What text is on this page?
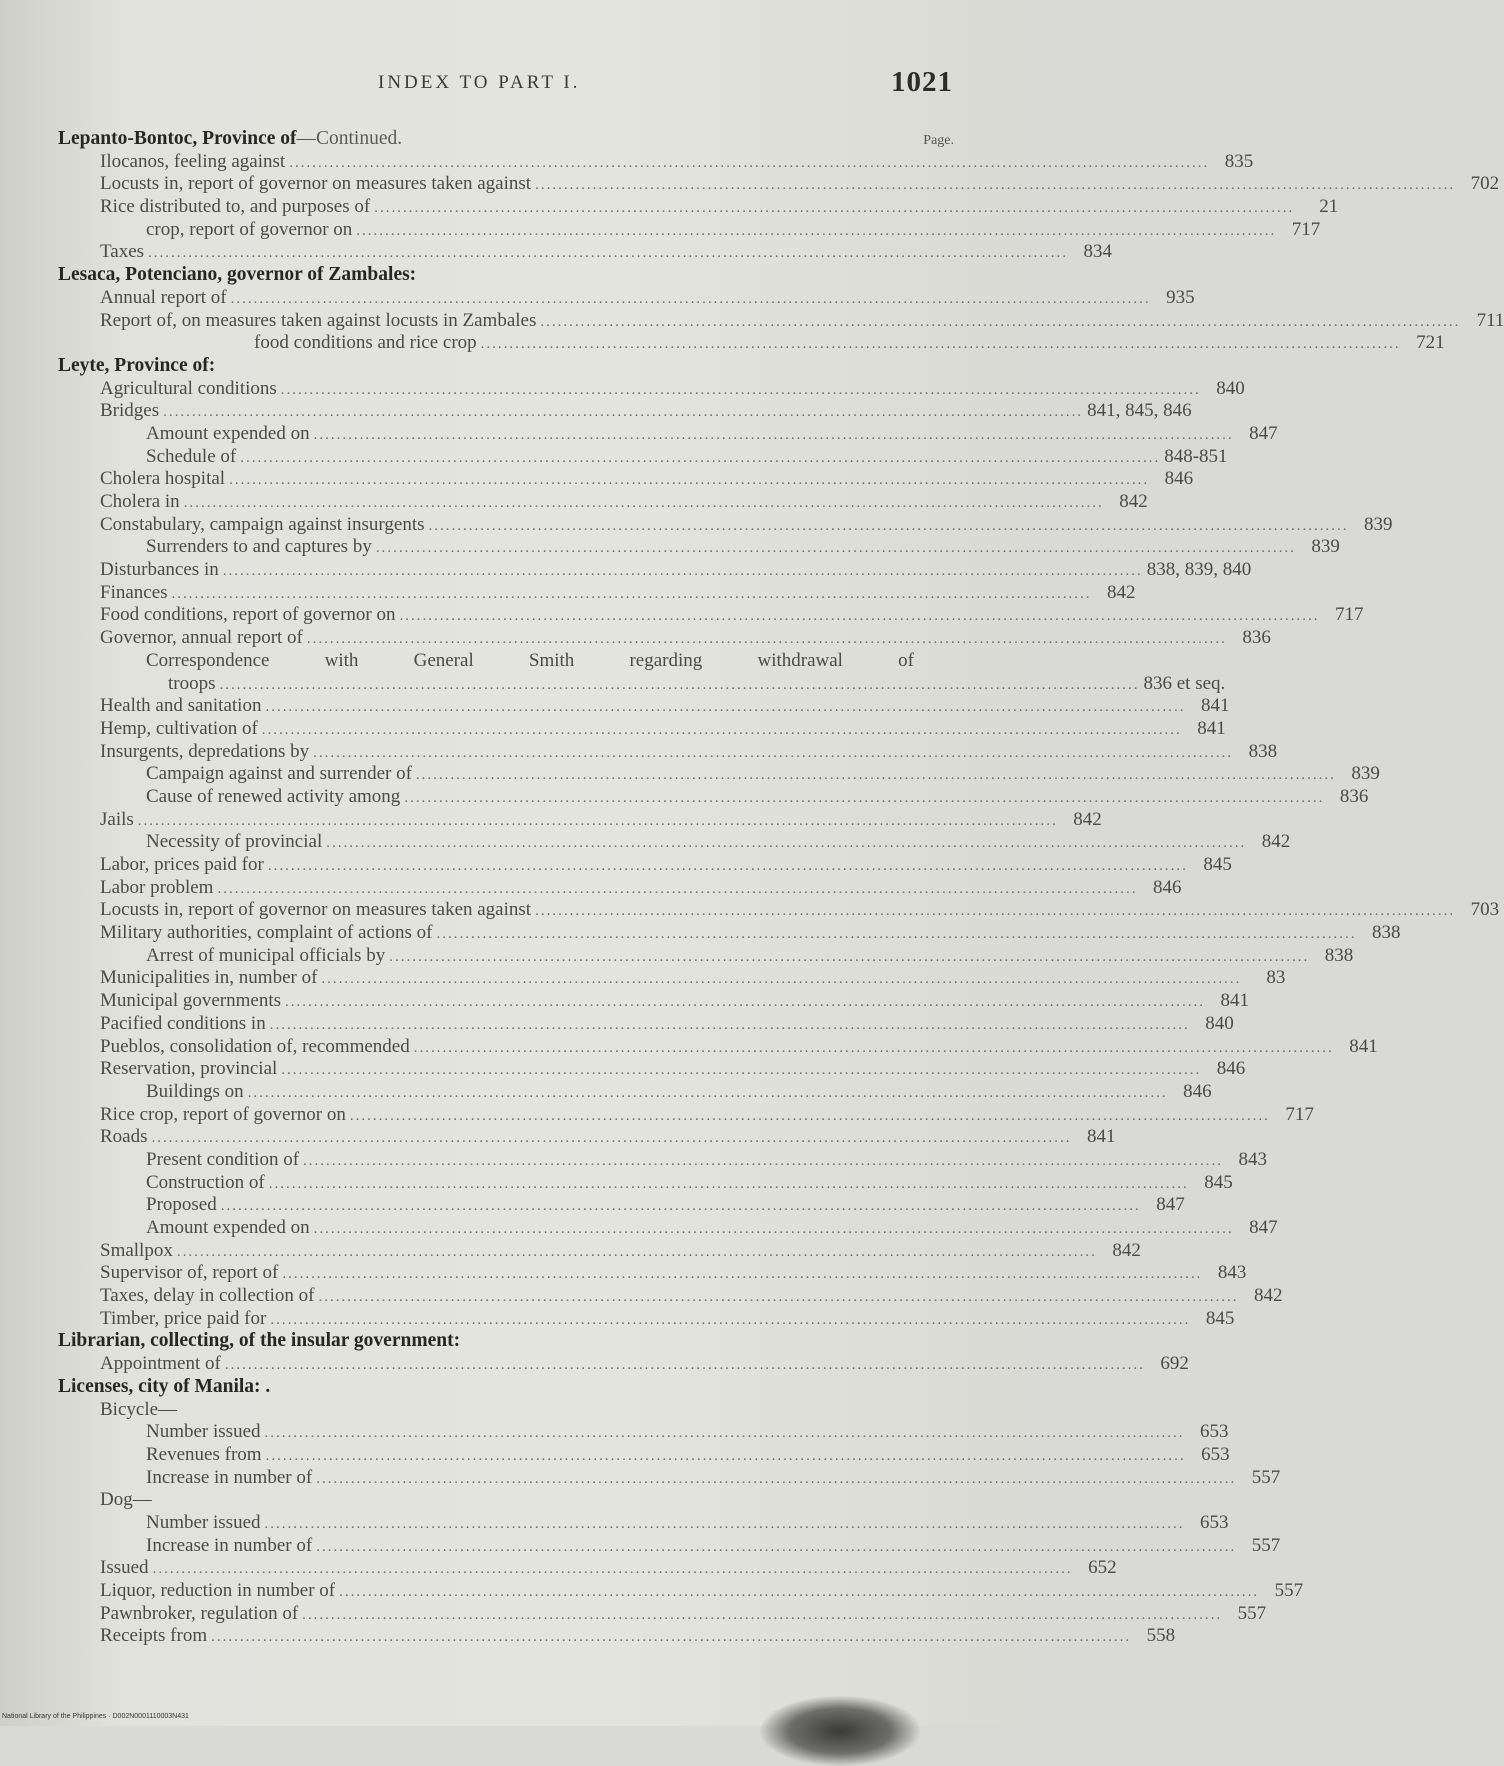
INDEX TO PART I.	1021
Lepanto-Bontoc, Province of—Continued.	Page.
Ilocanos, feeling against ................................................................................................................................................................ 835
Locusts in, report of governor on measures taken against ................................................................................................................................................................ 702
Rice distributed to, and purposes of ................................................................................................................................................................	21
crop, report of governor on ................................................................................................................................................................ 717
Taxes ................................................................................................................................................................ 834
Lesaca, Potenciano, governor of Zambales:
Annual report of ................................................................................................................................................................ 935
Report of, on measures taken against locusts in Zambales ................................................................................................................................................................ 711
food conditions and rice crop ................................................................................................................................................................ 721
Leyte, Province of:
Agricultural conditions ................................................................................................................................................................ 840
Bridges ................................................................................................................................................................ 841, 845, 846
Amount expended on ................................................................................................................................................................ 847
Schedule of ................................................................................................................................................................ 848-851
Cholera hospital ................................................................................................................................................................ 846
Cholera in ................................................................................................................................................................ 842
Constabulary, campaign against insurgents ................................................................................................................................................................ 839
Surrenders to and captures by ................................................................................................................................................................ 839
Disturbances in ................................................................................................................................................................ 838, 839, 840
Finances ................................................................................................................................................................ 842
Food conditions, report of governor on ................................................................................................................................................................ 717
Governor, annual report of ................................................................................................................................................................ 836
Correspondence	with	General	Smith	regarding	withdrawal	of
troops ................................................................................................................................................................ 836 et seq.
Health and sanitation ................................................................................................................................................................ 841
Hemp, cultivation of ................................................................................................................................................................ 841
Insurgents, depredations by ................................................................................................................................................................ 838
Campaign against and surrender of ................................................................................................................................................................ 839
Cause of renewed activity among ................................................................................................................................................................ 836
Jails ................................................................................................................................................................ 842
Necessity of provincial ................................................................................................................................................................ 842
Labor, prices paid for ................................................................................................................................................................ 845
Labor problem ................................................................................................................................................................ 846
Locusts in, report of governor on measures taken against ................................................................................................................................................................ 703
Military authorities, complaint of actions of ................................................................................................................................................................ 838
Arrest of municipal officials by ................................................................................................................................................................ 838
Municipalities in, number of ................................................................................................................................................................	83
Municipal governments ................................................................................................................................................................ 841
Pacified conditions in ................................................................................................................................................................ 840
Pueblos, consolidation of, recommended ................................................................................................................................................................ 841
Reservation, provincial ................................................................................................................................................................ 846
Buildings on ................................................................................................................................................................ 846
Rice crop, report of governor on ................................................................................................................................................................ 717
Roads ................................................................................................................................................................ 841
Present condition of ................................................................................................................................................................ 843
Construction of ................................................................................................................................................................ 845
Proposed ................................................................................................................................................................ 847
Amount expended on ................................................................................................................................................................ 847
Smallpox ................................................................................................................................................................ 842
Supervisor of, report of ................................................................................................................................................................ 843
Taxes, delay in collection of ................................................................................................................................................................ 842
Timber, price paid for ................................................................................................................................................................ 845
Librarian, collecting, of the insular government:
Appointment of ................................................................................................................................................................ 692
Licenses, city of Manila: .
Bicycle—
Number issued ................................................................................................................................................................ 653
Revenues from ................................................................................................................................................................ 653
Increase in number of ................................................................................................................................................................ 557
Dog—
Number issued ................................................................................................................................................................ 653
Increase in number of ................................................................................................................................................................ 557
Issued ................................................................................................................................................................ 652
Liquor, reduction in number of ................................................................................................................................................................ 557
Pawnbroker, regulation of ................................................................................................................................................................ 557
Receipts from ................................................................................................................................................................ 558
National Library of the Philippines · D002N0001110003N431
